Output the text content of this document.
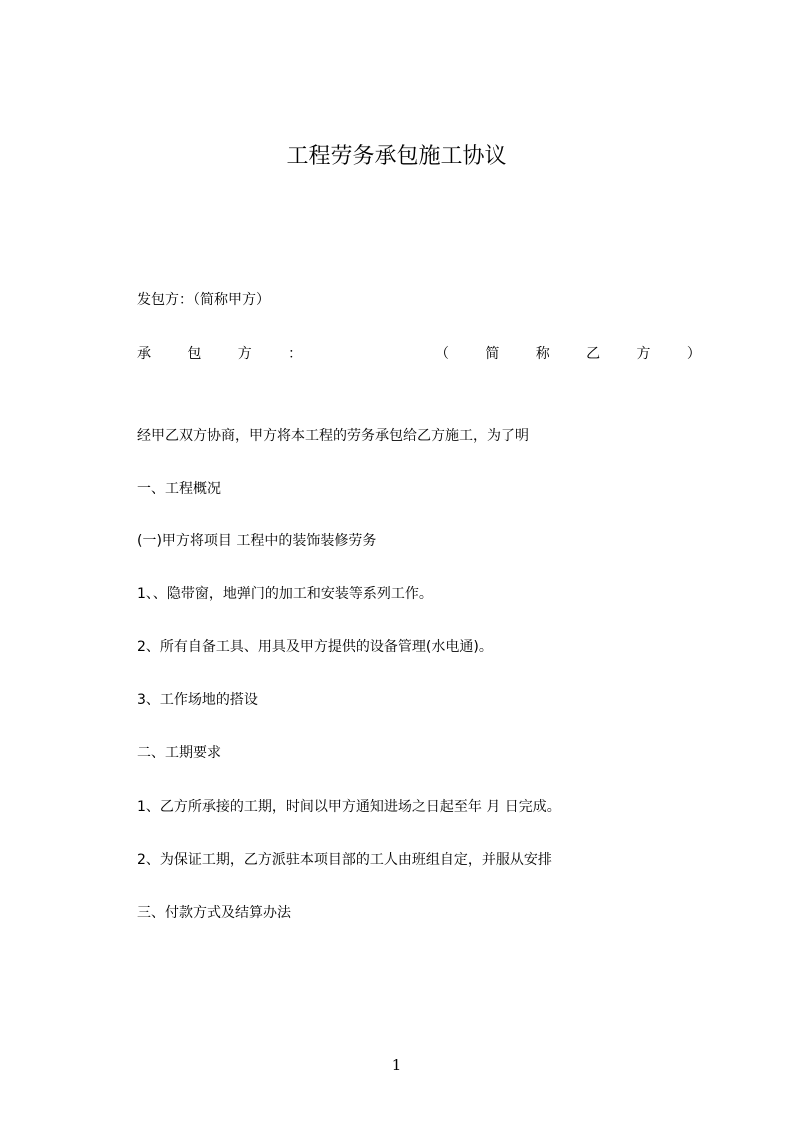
工程劳务承包施工协议
发包方：（简称甲方）
承	包	方	：	（	简	称	乙	方	）
经甲乙双方协商，甲方将本工程的劳务承包给乙方施工，为了明
一、工程概况
(一)甲方将项目 工程中的装饰装修劳务
1、、隐带窗，地弹门的加工和安装等系列工作。
2、所有自备工具、用具及甲方提供的设备管理(水电通)。
3、工作场地的搭设
二、工期要求
1、乙方所承接的工期，时间以甲方通知进场之日起至年 月 日完成。
2、为保证工期，乙方派驻本项目部的工人由班组自定，并服从安排
三、付款方式及结算办法
1
